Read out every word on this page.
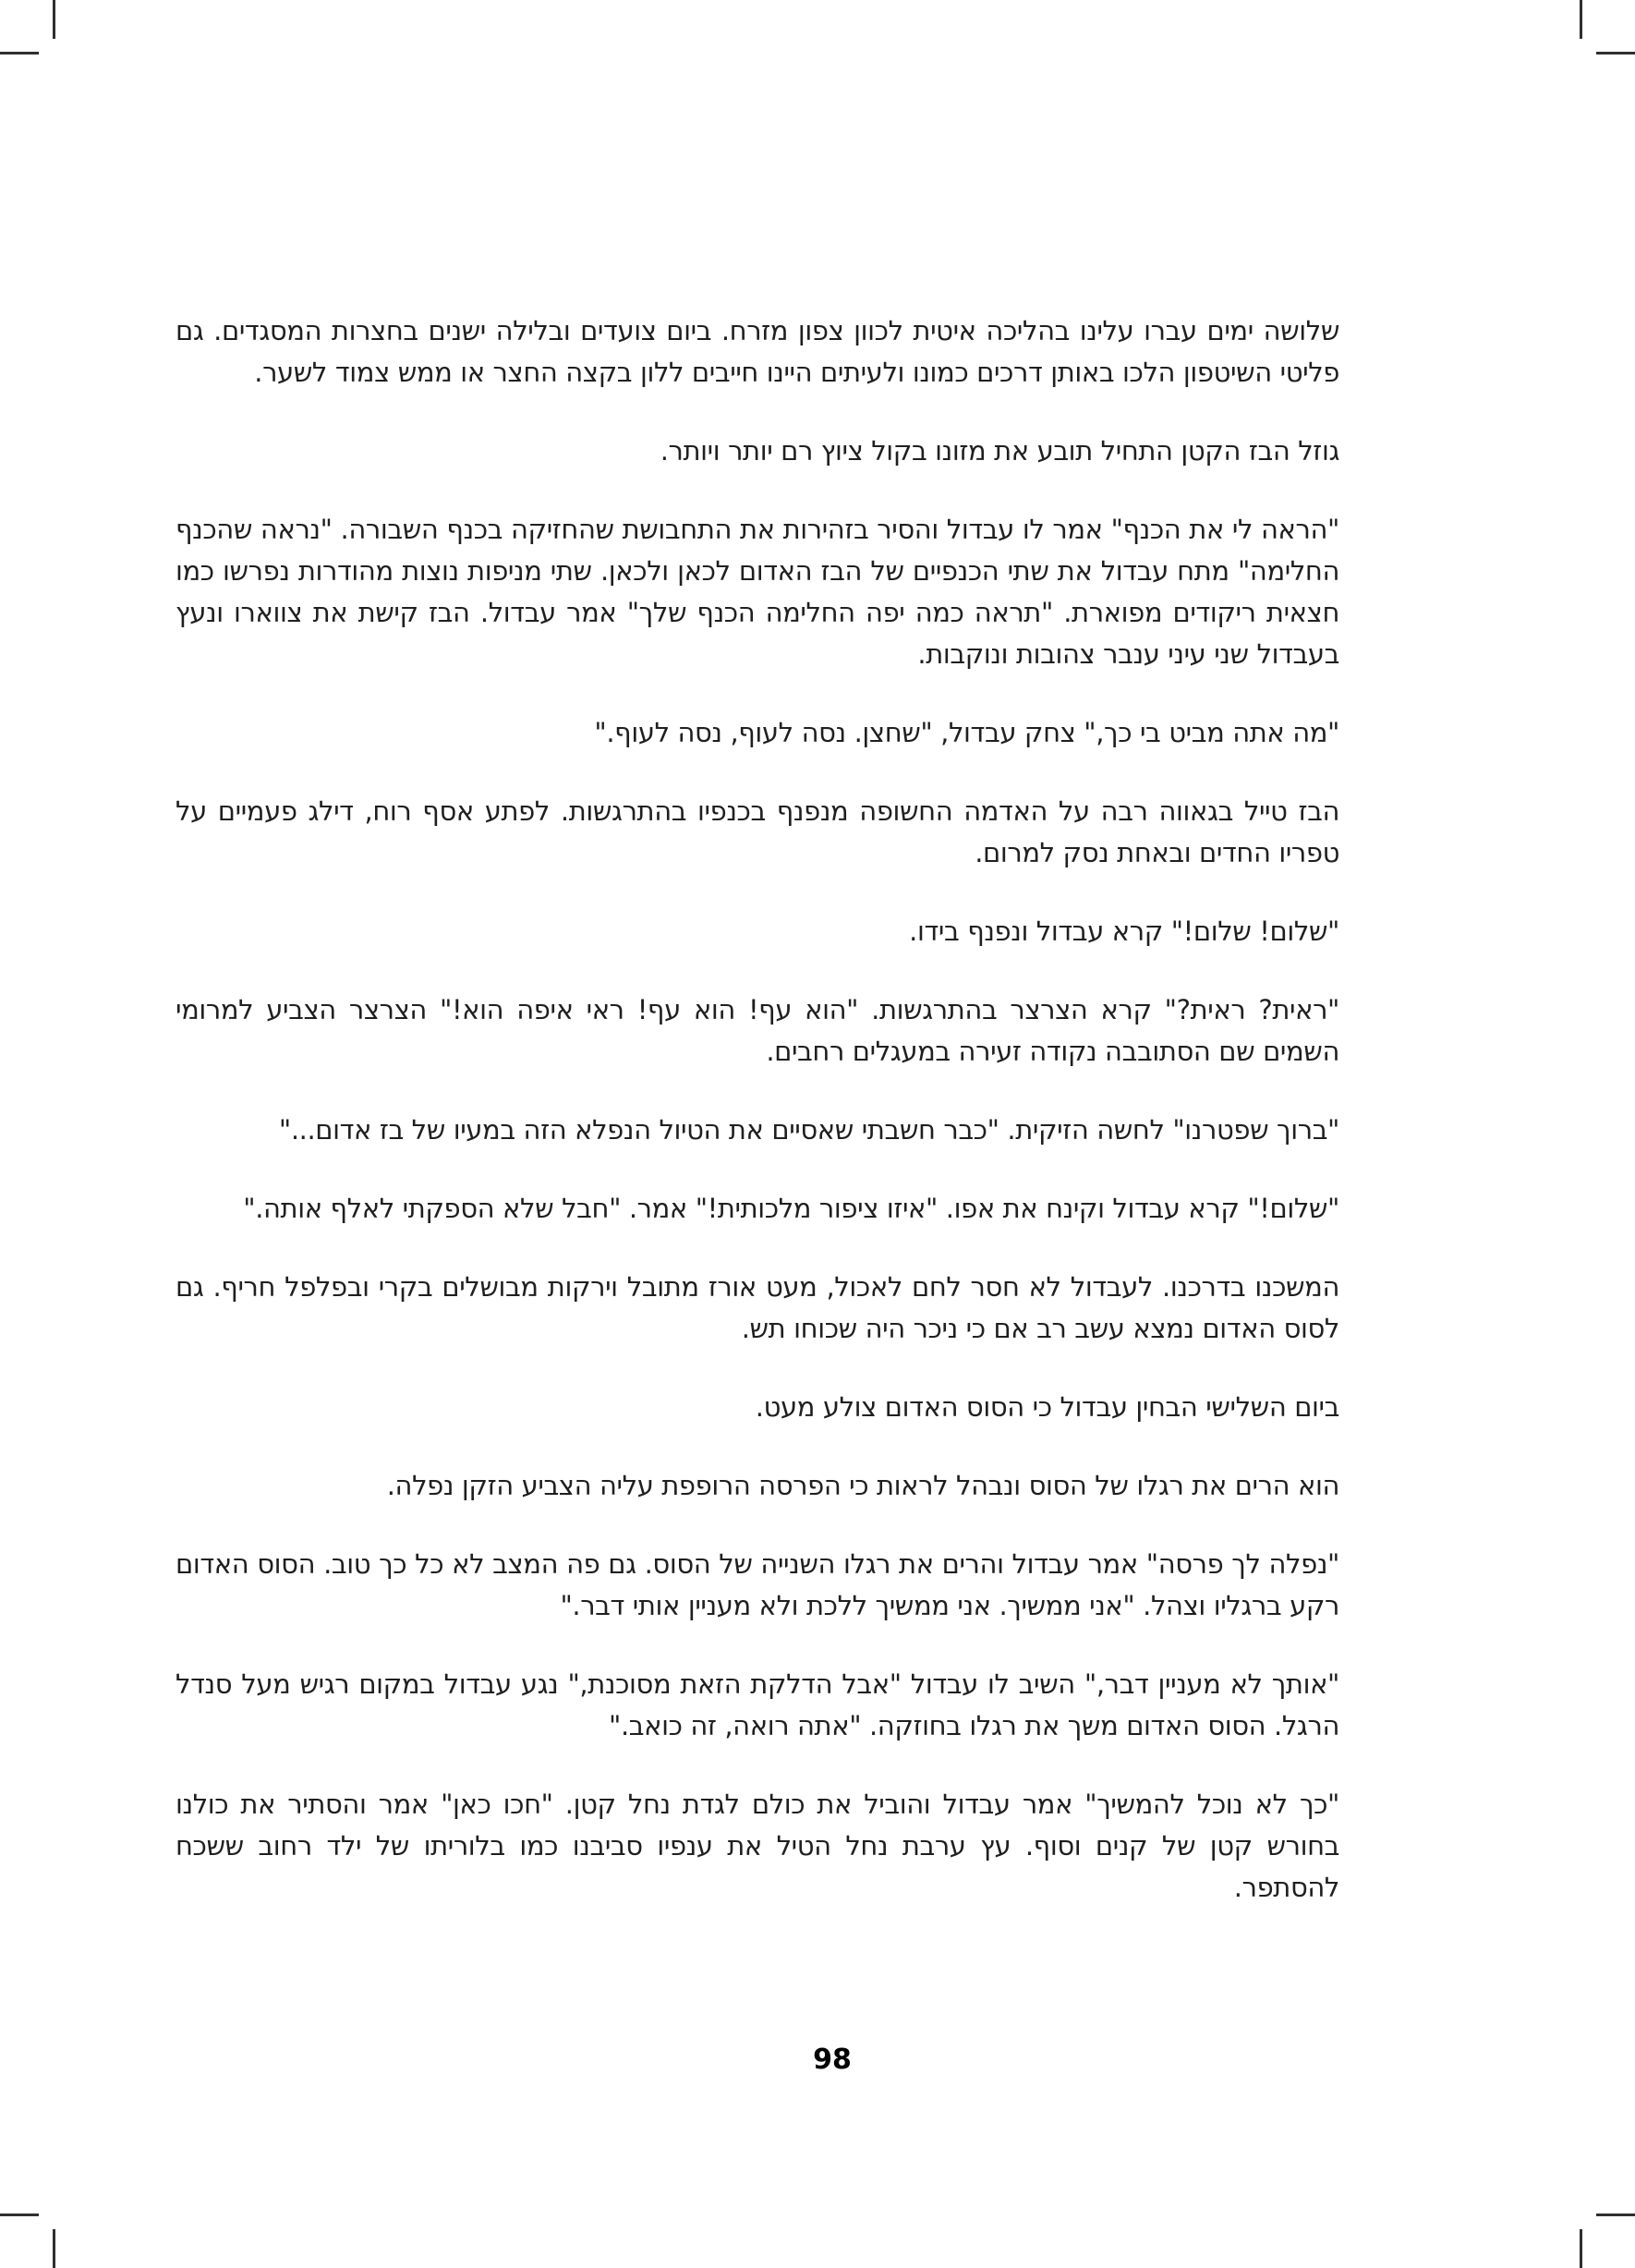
שלושה ימים עברו עלינו בהליכה איטית לכוון צפון מזרח. ביום צועדים ובלילה ישנים בחצרות המסגדים. גם פליטי השיטפון הלכו באותן דרכים כמונו ולעיתים היינו חייבים ללון בקצה החצר או ממש צמוד לשער.

גוזל הבז הקטן התחיל תובע את מזונו בקול ציוץ רם יותר ויותר.

"הראה לי את הכנף" אמר לו עבדול והסיר בזהירות את התחבושת שהחזיקה בכנף השבורה. "נראה שהכנף החלימה" מתח עבדול את שתי הכנפיים של הבז האדום לכאן ולכאן. שתי מניפות נוצות מהודרות נפרשו כמו חצאית ריקודים מפוארת. "תראה כמה יפה החלימה הכנף שלך" אמר עבדול. הבז קישת את צווארו ונעץ בעבדול שני עיני ענבר צהובות ונוקבות.

"מה אתה מביט בי כך," צחק עבדול, "שחצן. נסה לעוף, נסה לעוף."

הבז טייל בגאווה רבה על האדמה החשופה מנפנף בכנפיו בהתרגשות. לפתע אסף רוח, דילג פעמיים על טפריו החדים ובאחת נסק למרום.

"שלום! שלום!" קרא עבדול ונפנף בידו.

"ראית? ראית?" קרא הצרצר בהתרגשות. "הוא עף! הוא עף! ראי איפה הוא!" הצרצר הצביע למרומי השמים שם הסתובבה נקודה זעירה במעגלים רחבים.

"ברוך שפטרנו" לחשה הזיקית. "כבר חשבתי שאסיים את הטיול הנפלא הזה במעיו של בז אדום..."

"שלום!" קרא עבדול וקינח את אפו. "איזו ציפור מלכותית!" אמר. "חבל שלא הספקתי לאלף אותה."

המשכנו בדרכנו. לעבדול לא חסר לחם לאכול, מעט אורז מתובל וירקות מבושלים בקרי ובפלפל חריף. גם לסוס האדום נמצא עשב רב אם כי ניכר היה שכוחו תש.

ביום השלישי הבחין עבדול כי הסוס האדום צולע מעט.

הוא הרים את רגלו של הסוס ונבהל לראות כי הפרסה הרופפת עליה הצביע הזקן נפלה.

"נפלה לך פרסה" אמר עבדול והרים את רגלו השנייה של הסוס. גם פה המצב לא כל כך טוב. הסוס האדום רקע ברגליו וצהל. "אני ממשיך. אני ממשיך ללכת ולא מעניין אותי דבר."

"אותך לא מעניין דבר," השיב לו עבדול "אבל הדלקת הזאת מסוכנת," נגע עבדול במקום רגיש מעל סנדל הרגל. הסוס האדום משך את רגלו בחוזקה. "אתה רואה, זה כואב."

"כך לא נוכל להמשיך" אמר עבדול והוביל את כולם לגדת נחל קטן. "חכו כאן" אמר והסתיר את כולנו בחורש קטן של קנים וסוף. עץ ערבת נחל הטיל את ענפיו סביבנו כמו בלוריתו של ילד רחוב ששכח להסתפר.

98
